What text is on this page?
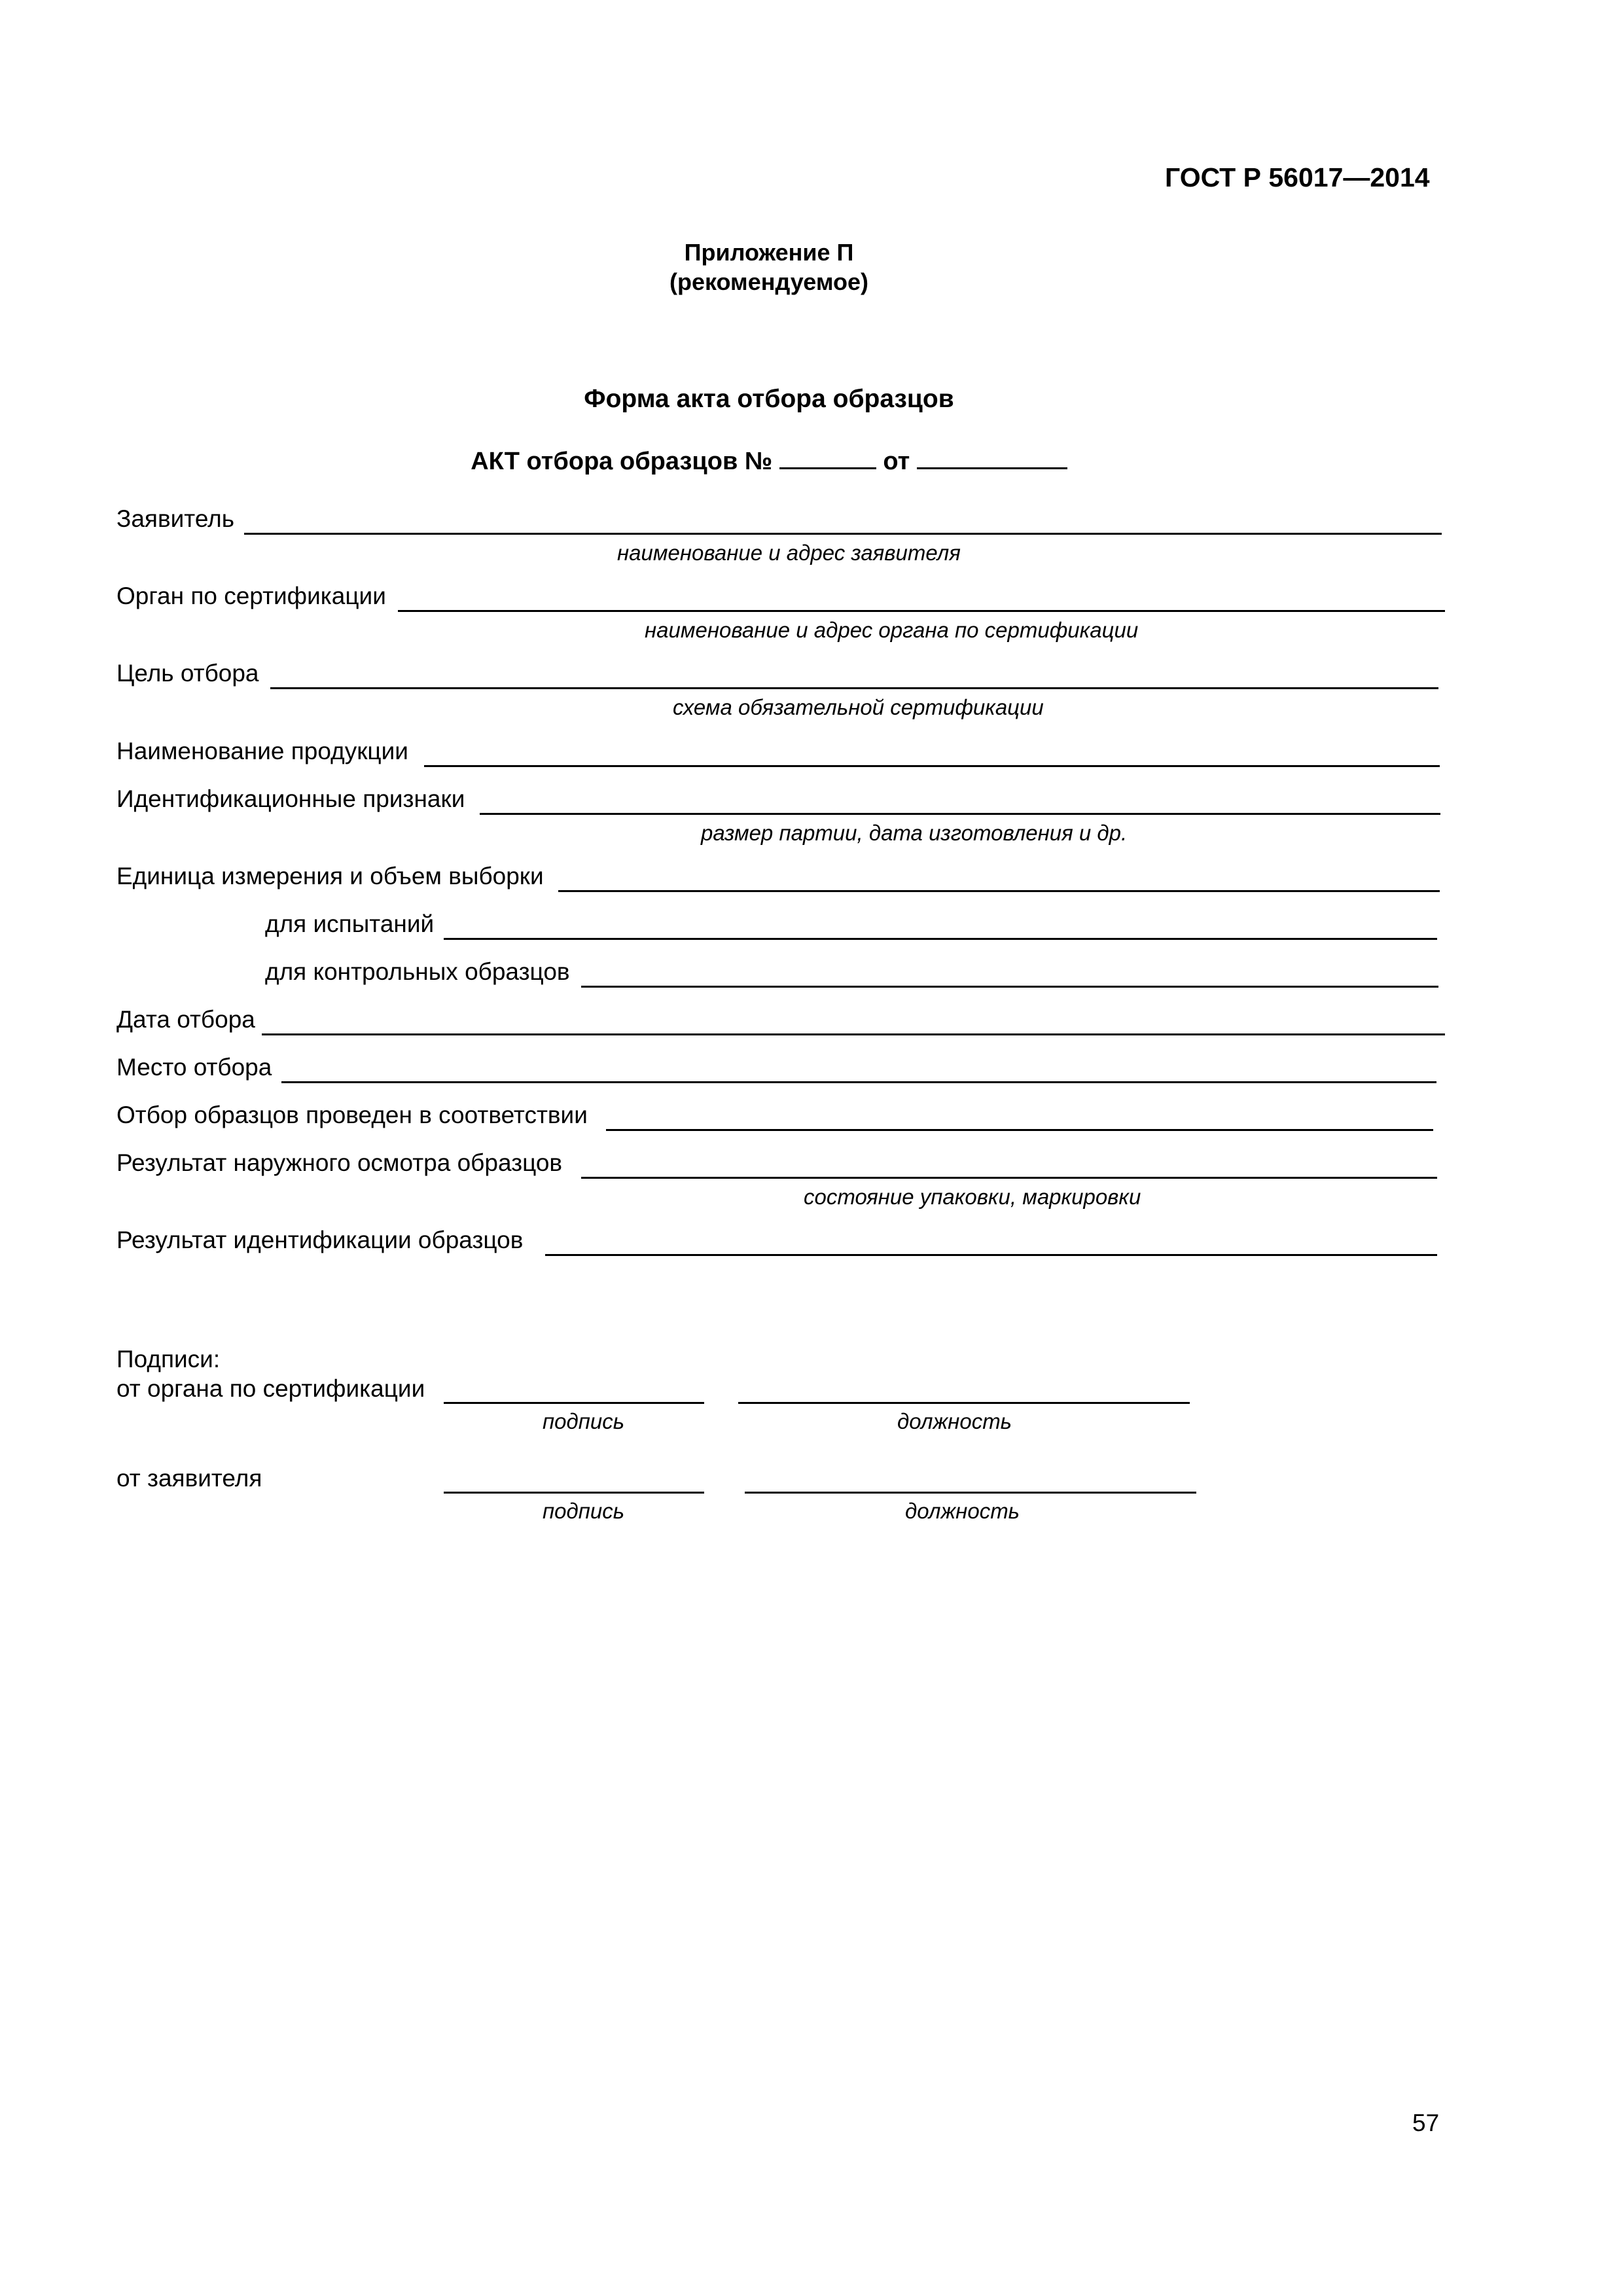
ГОСТ Р 56017—2014
Приложение П
(рекомендуемое)
Форма акта отбора образцов
АКТ отбора образцов №	от
Заявитель
наименование и адрес заявителя
Орган по сертификации
наименование и адрес органа по сертификации
Цель отбора
схема обязательной сертификации
Наименование продукции
Идентификационные признаки
размер партии, дата изготовления и др.
Единица измерения и объем выборки
для испытаний
для контрольных образцов
Дата отбора
Место отбора
Отбор образцов проведен в соответствии
Результат наружного осмотра образцов
состояние упаковки, маркировки
Результат идентификации образцов
Подписи:
от органа по сертификации
подпись	должность
от заявителя
подпись	должность
57
